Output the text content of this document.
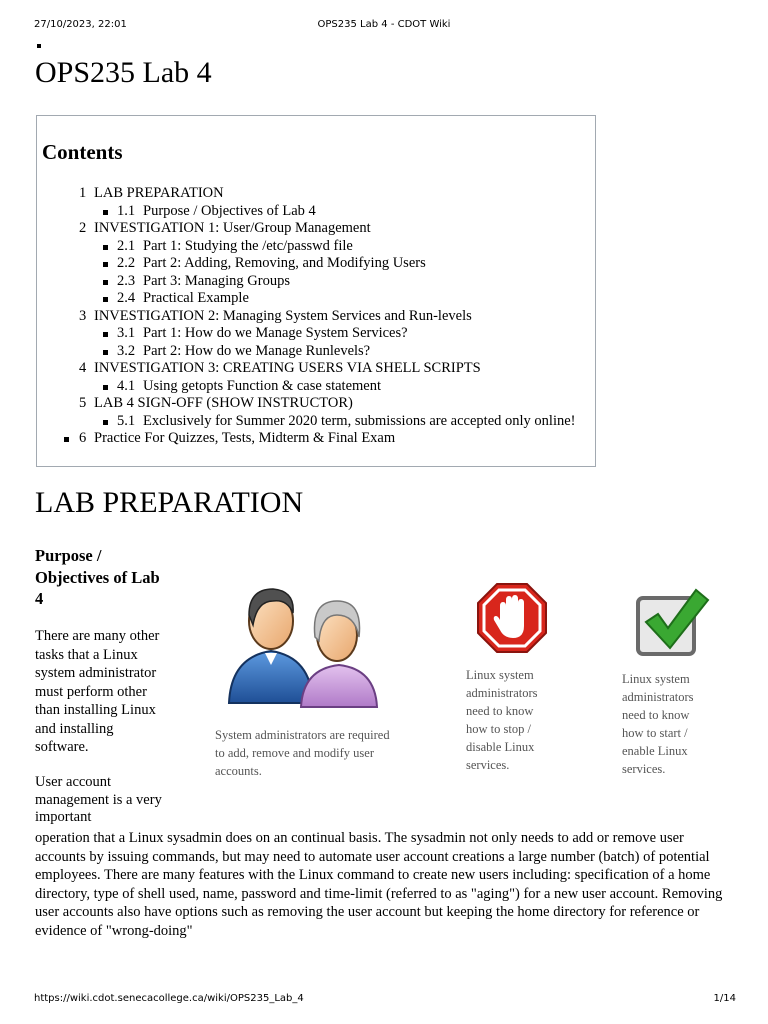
27/10/2023, 22:01	OPS235 Lab 4 - CDOT Wiki
OPS235 Lab 4
Contents
1 LAB PREPARATION
1.1 Purpose / Objectives of Lab 4
2 INVESTIGATION 1: User/Group Management
2.1 Part 1: Studying the /etc/passwd file
2.2 Part 2: Adding, Removing, and Modifying Users
2.3 Part 3: Managing Groups
2.4 Practical Example
3 INVESTIGATION 2: Managing System Services and Run-levels
3.1 Part 1: How do we Manage System Services?
3.2 Part 2: How do we Manage Runlevels?
4 INVESTIGATION 3: CREATING USERS VIA SHELL SCRIPTS
4.1 Using getopts Function & case statement
5 LAB 4 SIGN-OFF (SHOW INSTRUCTOR)
5.1 Exclusively for Summer 2020 term, submissions are accepted only online!
6 Practice For Quizzes, Tests, Midterm & Final Exam
LAB PREPARATION
Purpose / Objectives of Lab 4

There are many other tasks that a Linux system administrator must perform other than installing Linux and installing software.

User account management is a very important

operation that a Linux sysadmin does on an continual basis. The sysadmin not only needs to add or remove user accounts by issuing commands, but may need to automate user account creations a large number (batch) of potential employees. There are many features with the Linux command to create new users including: specification of a home directory, type of shell used, name, password and time-limit (referred to as "aging") for a new user account. Removing user accounts also have options such as removing the user account but keeping the home directory for reference or evidence of "wrong-doing"

System administrators are required to add, remove and modify user accounts.

Linux system administrators need to know how to stop / disable Linux services.

Linux system administrators need to know how to start / enable Linux services.

https://wiki.cdot.senecacollege.ca/wiki/OPS235_Lab_4	1/14
